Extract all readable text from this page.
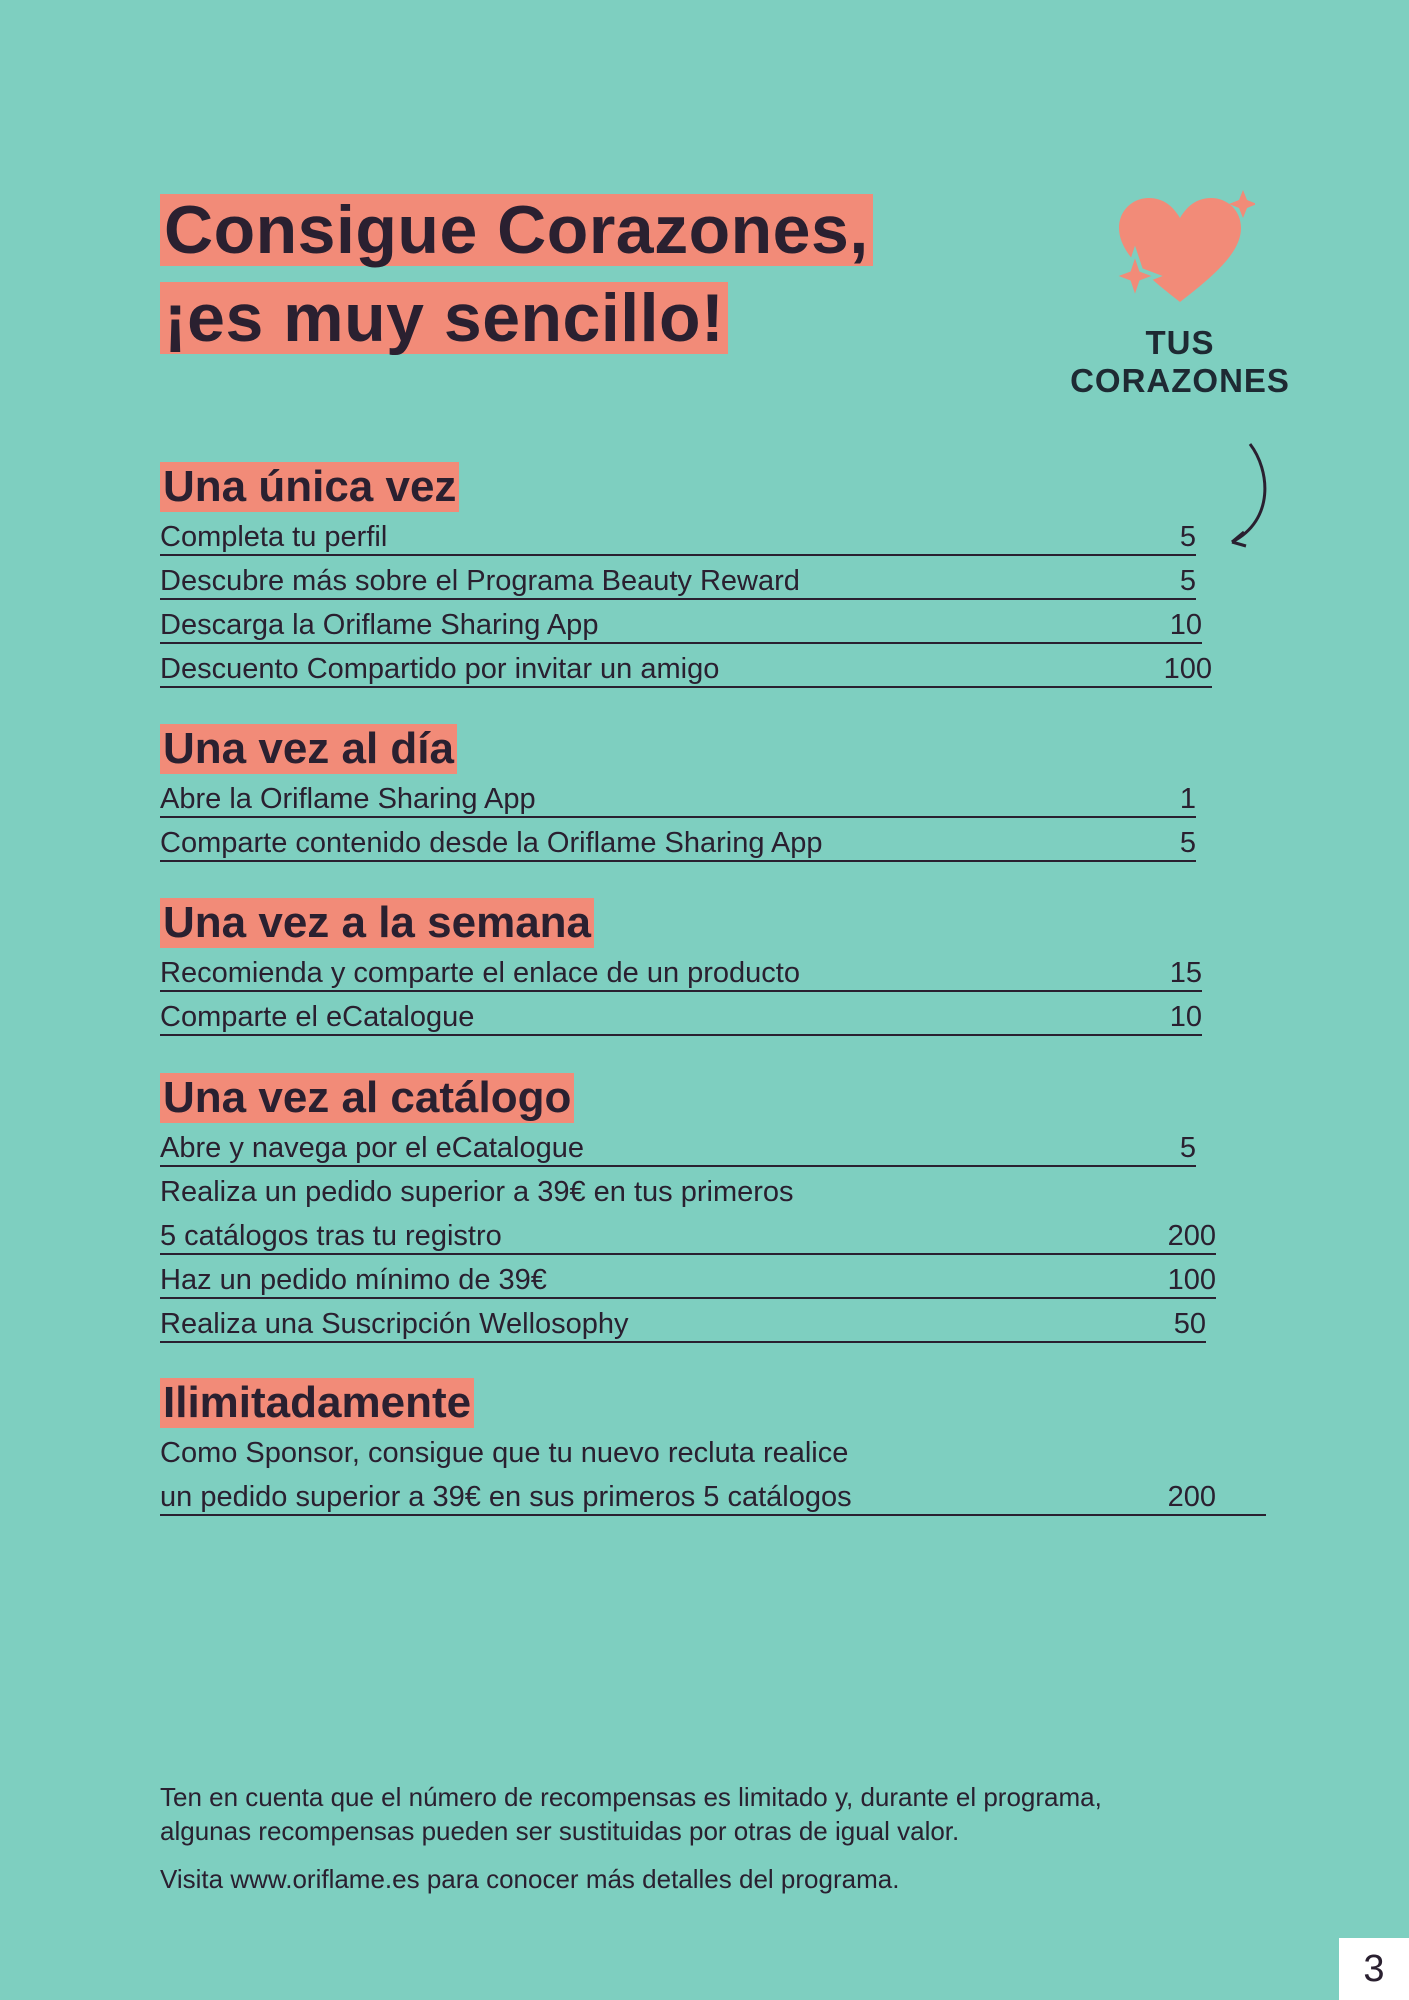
Consigue Corazones,
¡es muy sencillo!	TUS
CORAZONES
Una única vez
Completa tu perfil	5
Descubre más sobre el Programa Beauty Reward	5
Descarga la Oriflame Sharing App	10
Descuento Compartido por invitar un amigo	100
Una vez al día
Abre la Oriflame Sharing App	1
Comparte contenido desde la Oriflame Sharing App	5
Una vez a la semana
Recomienda y comparte el enlace de un producto	15
Comparte el eCatalogue	10
Una vez al catálogo
Abre y navega por el eCatalogue	5
Realiza un pedido superior a 39€ en tus primeros
5 catálogos tras tu registro	200
Haz un pedido mínimo de 39€	100
Realiza una Suscripción Wellosophy	50
Ilimitadamente
Como Sponsor, consigue que tu nuevo recluta realice
un pedido superior a 39€ en sus primeros 5 catálogos	200

Ten en cuenta que el número de recompensas es limitado y, durante el programa,

algunas recompensas pueden ser sustituidas por otras de igual valor.

Visita www.oriflame.es para conocer más detalles del programa.

3
